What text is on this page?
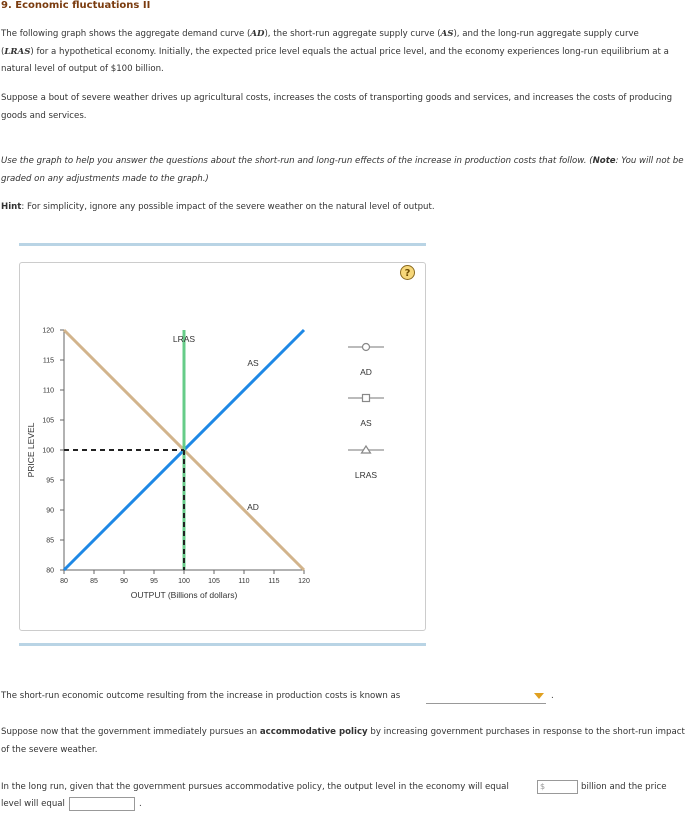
9. Economic fluctuations II

The following graph shows the aggregate demand curve (AD), the short-run aggregate supply curve (AS), and the long-run aggregate supply curve
(LRAS) for a hypothetical economy. Initially, the expected price level equals the actual price level, and the economy experiences long-run equilibrium at a natural level of output of $100 billion.

Suppose a bout of severe weather drives up agricultural costs, increases the costs of transporting goods and services, and increases the costs of producing goods and services.

Use the graph to help you answer the questions about the short-run and long-run effects of the increase in production costs that follow. (Note: You will not be graded on any adjustments made to the graph.)

Hint: For simplicity, ignore any possible impact of the severe weather on the natural level of output.

?
80	85	90	95	100	105	110	115	120
80
85
90
95
100
105
110
115
120
OUTPUT (Billions of dollars)
PRICE LEVEL
AD
AS
LRAS
AD
AS
LRAS

The short-run economic outcome resulting from the increase in production costs is known as	.

Suppose now that the government immediately pursues an accommodative policy by increasing government purchases in response to the short-run impact of the severe weather.

In the long run, given that the government pursues accommodative policy, the output level in the economy will equal	$	billion and the price

level will equal	.
